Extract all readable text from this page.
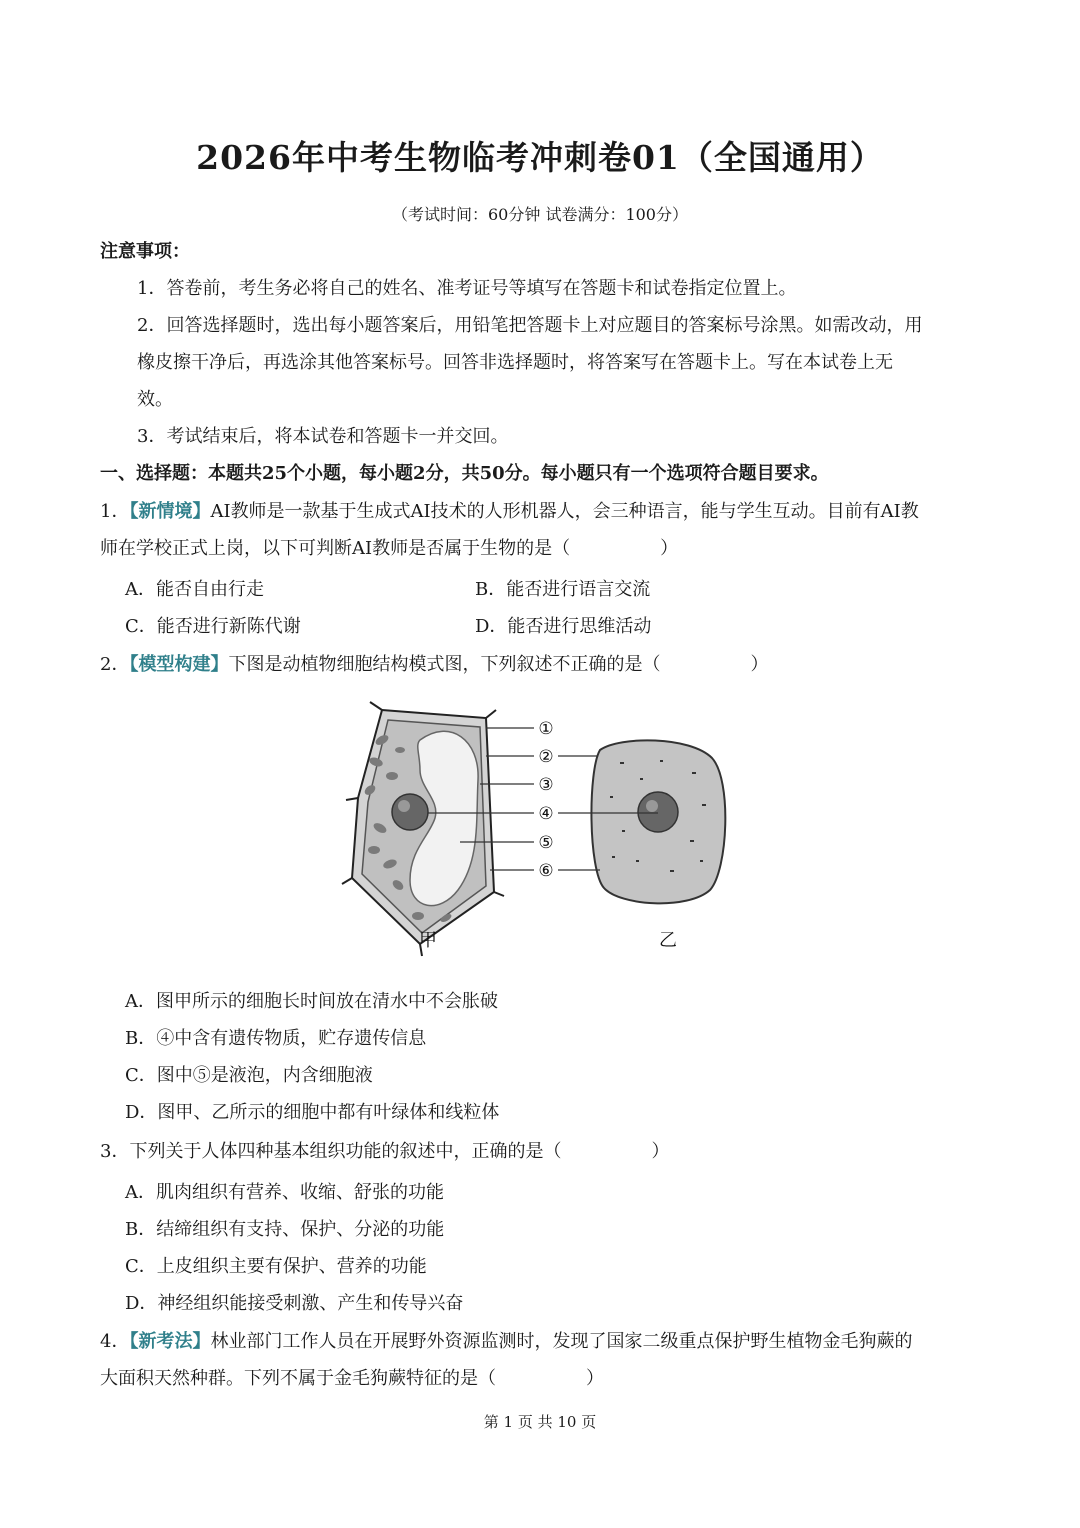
2026年中考生物临考冲刺卷01（全国通用）
（考试时间：60分钟 试卷满分：100分）
注意事项：
1．答卷前，考生务必将自己的姓名、准考证号等填写在答题卡和试卷指定位置上。
2．回答选择题时，选出每小题答案后，用铅笔把答题卡上对应题目的答案标号涂黑。如需改动，用
橡皮擦干净后，再选涂其他答案标号。回答非选择题时，将答案写在答题卡上。写在本试卷上无
效。
3．考试结束后，将本试卷和答题卡一并交回。
一、选择题：本题共25个小题，每小题2分，共50分。每小题只有一个选项符合题目要求。
1．【新情境】AI教师是一款基于生成式AI技术的人形机器人，会三种语言，能与学生互动。目前有AI教
师在学校正式上岗，以下可判断AI教师是否属于生物的是（	）
A．能否自由行走	B．能否进行语言交流
C．能否进行新陈代谢	D．能否进行思维活动
2．【模型构建】下图是动植物细胞结构模式图，下列叙述不正确的是（	）
①
②
③
④
⑤
⑥
甲	乙
A．图甲所示的细胞长时间放在清水中不会胀破
B．④中含有遗传物质，贮存遗传信息
C．图中⑤是液泡，内含细胞液
D．图甲、乙所示的细胞中都有叶绿体和线粒体
3．下列关于人体四种基本组织功能的叙述中，正确的是（	）
A．肌肉组织有营养、收缩、舒张的功能
B．结缔组织有支持、保护、分泌的功能
C．上皮组织主要有保护、营养的功能
D．神经组织能接受刺激、产生和传导兴奋
4．【新考法】林业部门工作人员在开展野外资源监测时，发现了国家二级重点保护野生植物金毛狗蕨的
大面积天然种群。下列不属于金毛狗蕨特征的是（	）
第 1 页 共 10 页
